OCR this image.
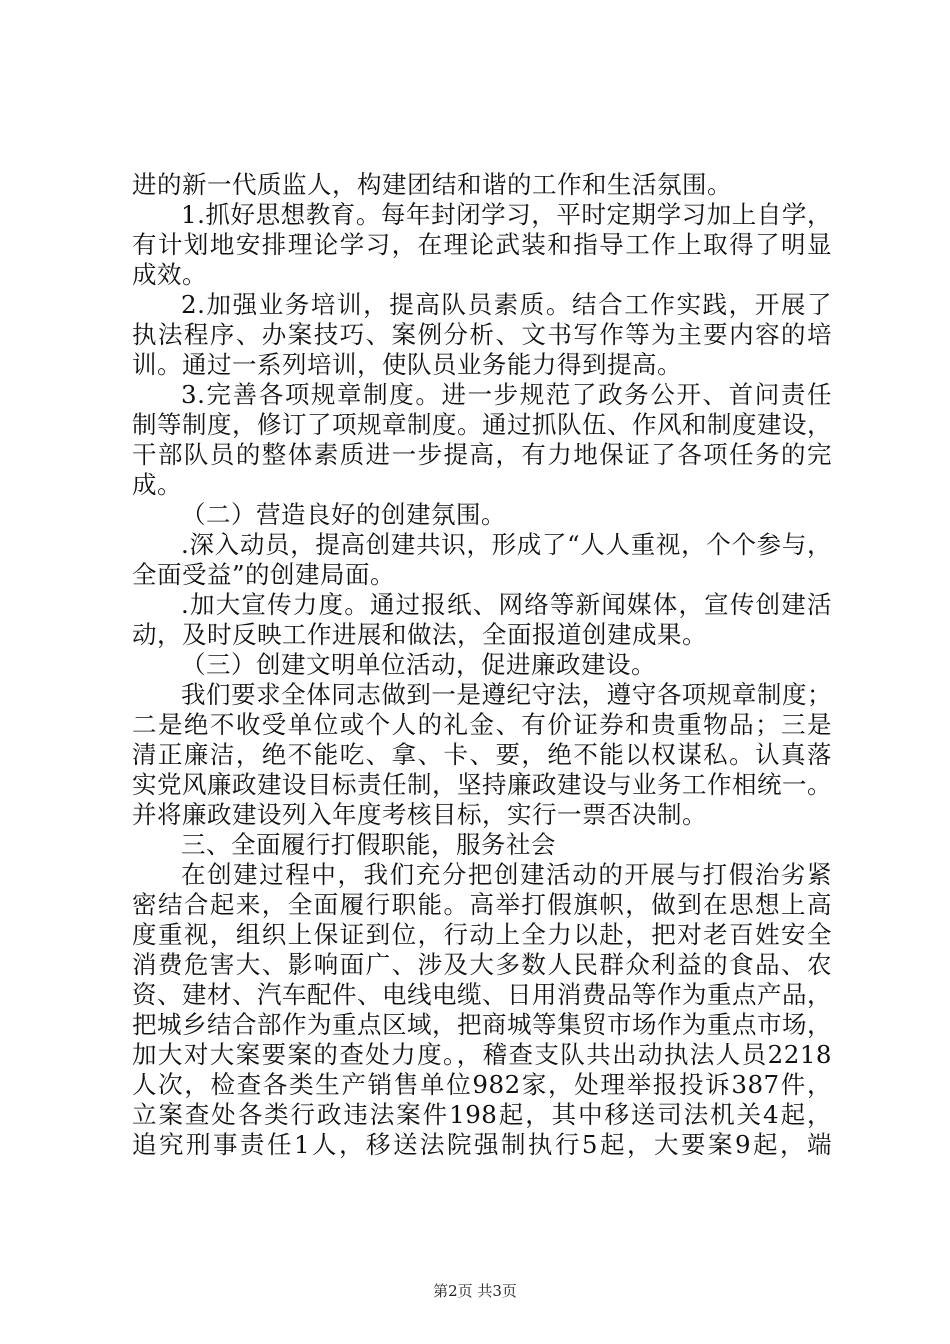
进的新一代质监人，构建团结和谐的工作和生活氛围。
1.抓好思想教育。每年封闭学习，平时定期学习加上自学，
有计划地安排理论学习，在理论武装和指导工作上取得了明显
成效。
2.加强业务培训，提高队员素质。结合工作实践，开展了
执法程序、办案技巧、案例分析、文书写作等为主要内容的培
训。通过一系列培训，使队员业务能力得到提高。
3.完善各项规章制度。进一步规范了政务公开、首问责任
制等制度，修订了项规章制度。通过抓队伍、作风和制度建设，
干部队员的整体素质进一步提高，有力地保证了各项任务的完
成。
（二）营造良好的创建氛围。
.深入动员，提高创建共识，形成了“人人重视，个个参与，
全面受益”的创建局面。
.加大宣传力度。通过报纸、网络等新闻媒体，宣传创建活
动，及时反映工作进展和做法，全面报道创建成果。
（三）创建文明单位活动，促进廉政建设。
我们要求全体同志做到一是遵纪守法，遵守各项规章制度；
二是绝不收受单位或个人的礼金、有价证券和贵重物品；三是
清正廉洁，绝不能吃、拿、卡、要，绝不能以权谋私。认真落
实党风廉政建设目标责任制，坚持廉政建设与业务工作相统一。
并将廉政建设列入年度考核目标，实行一票否决制。
三、全面履行打假职能，服务社会
在创建过程中，我们充分把创建活动的开展与打假治劣紧
密结合起来，全面履行职能。高举打假旗帜，做到在思想上高
度重视，组织上保证到位，行动上全力以赴，把对老百姓安全
消费危害大、影响面广、涉及大多数人民群众利益的食品、农
资、建材、汽车配件、电线电缆、日用消费品等作为重点产品，
把城乡结合部作为重点区域，把商城等集贸市场作为重点市场，
加大对大案要案的查处力度。，稽查支队共出动执法人员2218
人次，检查各类生产销售单位982家，处理举报投诉387件，
立案查处各类行政违法案件198起，其中移送司法机关4起，
追究刑事责任1人，移送法院强制执行5起，大要案9起，端
第2页 共3页
